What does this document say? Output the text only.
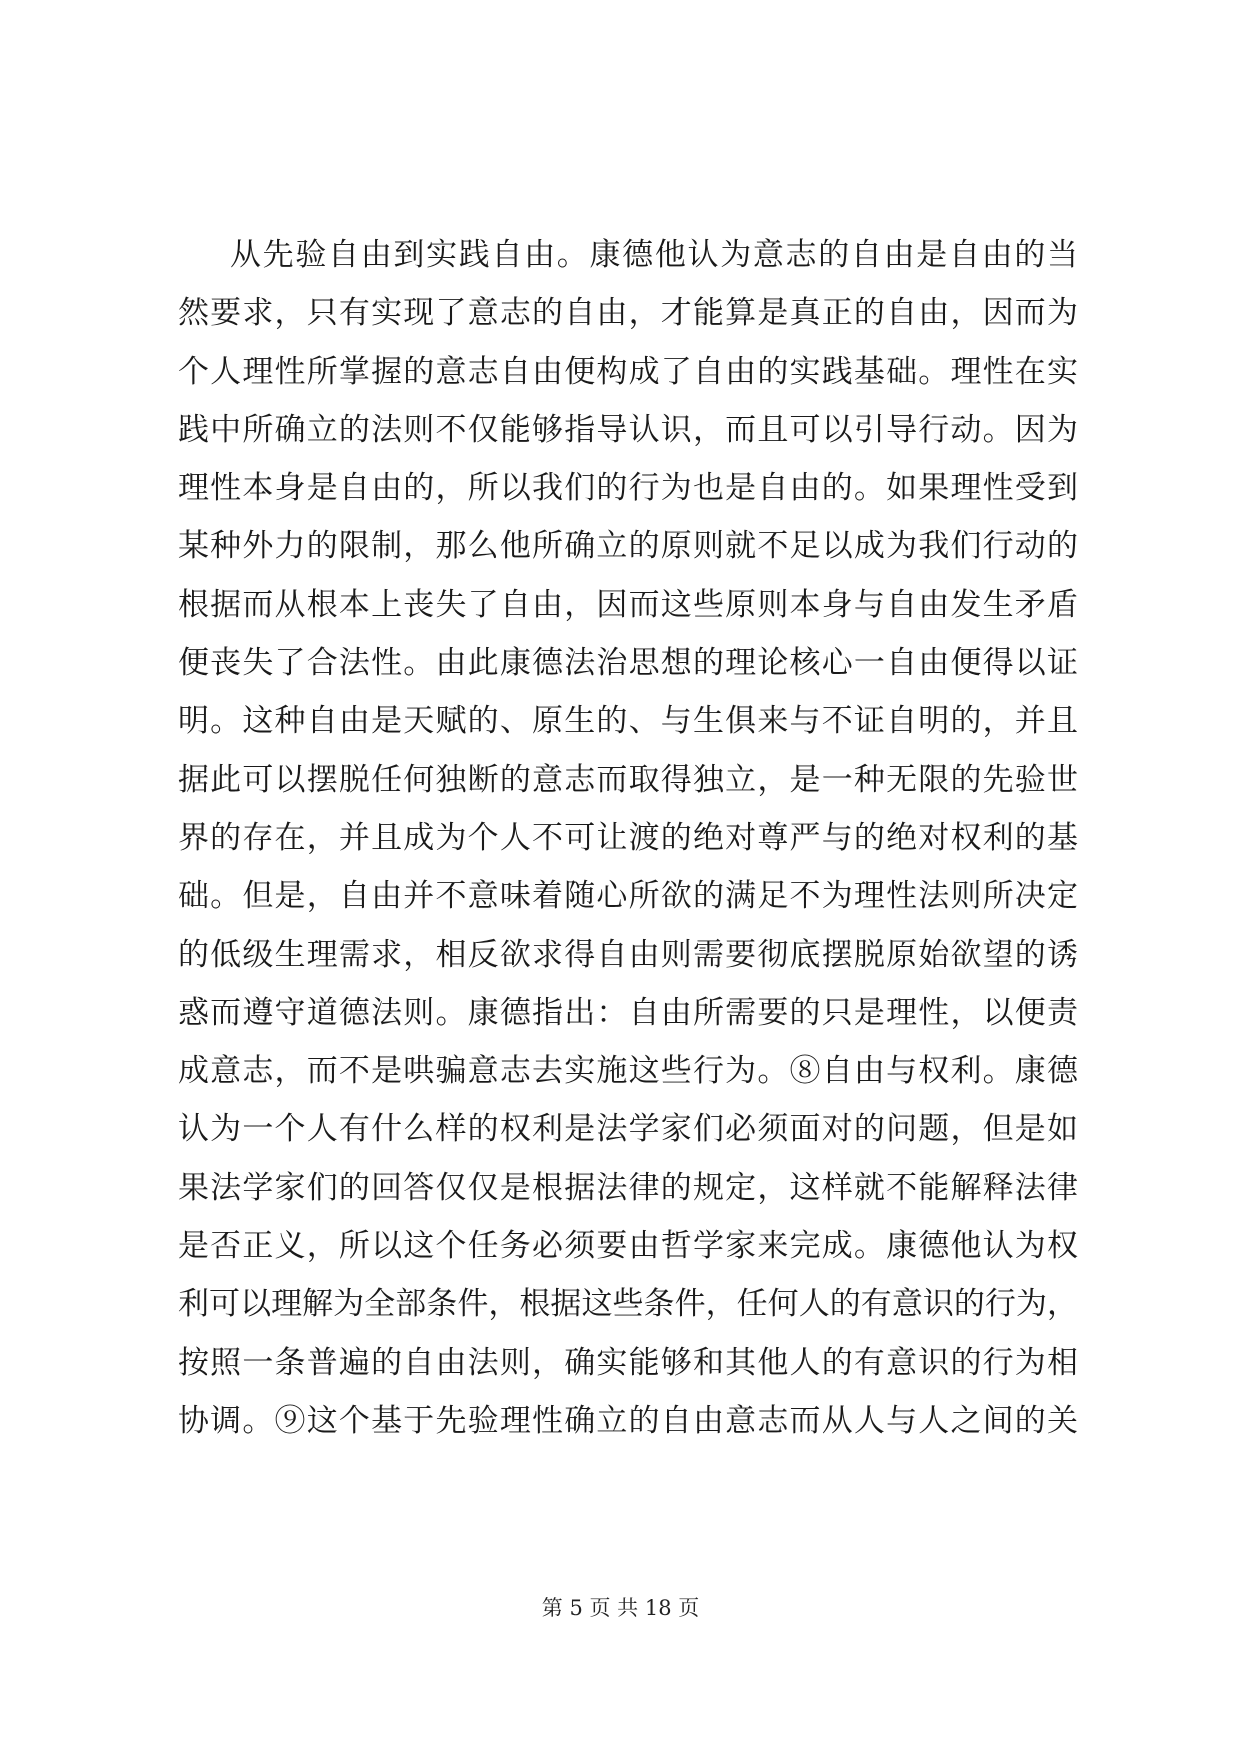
从先验自由到实践自由。康德他认为意志的自由是自由的当
然要求，只有实现了意志的自由，才能算是真正的自由，因而为
个人理性所掌握的意志自由便构成了自由的实践基础。理性在实
践中所确立的法则不仅能够指导认识，而且可以引导行动。因为
理性本身是自由的，所以我们的行为也是自由的。如果理性受到
某种外力的限制，那么他所确立的原则就不足以成为我们行动的
根据而从根本上丧失了自由，因而这些原则本身与自由发生矛盾
便丧失了合法性。由此康德法治思想的理论核心一自由便得以证
明。这种自由是天赋的、原生的、与生俱来与不证自明的，并且
据此可以摆脱任何独断的意志而取得独立，是一种无限的先验世
界的存在，并且成为个人不可让渡的绝对尊严与的绝对权利的基
础。但是，自由并不意味着随心所欲的满足不为理性法则所决定
的低级生理需求，相反欲求得自由则需要彻底摆脱原始欲望的诱
惑而遵守道德法则。康德指出：自由所需要的只是理性，以便责
成意志，而不是哄骗意志去实施这些行为。⑧自由与权利。康德
认为一个人有什么样的权利是法学家们必须面对的问题，但是如
果法学家们的回答仅仅是根据法律的规定，这样就不能解释法律
是否正义，所以这个任务必须要由哲学家来完成。康德他认为权
利可以理解为全部条件，根据这些条件，任何人的有意识的行为，
按照一条普遍的自由法则，确实能够和其他人的有意识的行为相
协调。⑨这个基于先验理性确立的自由意志而从人与人之间的关
第 5 页 共 18 页
